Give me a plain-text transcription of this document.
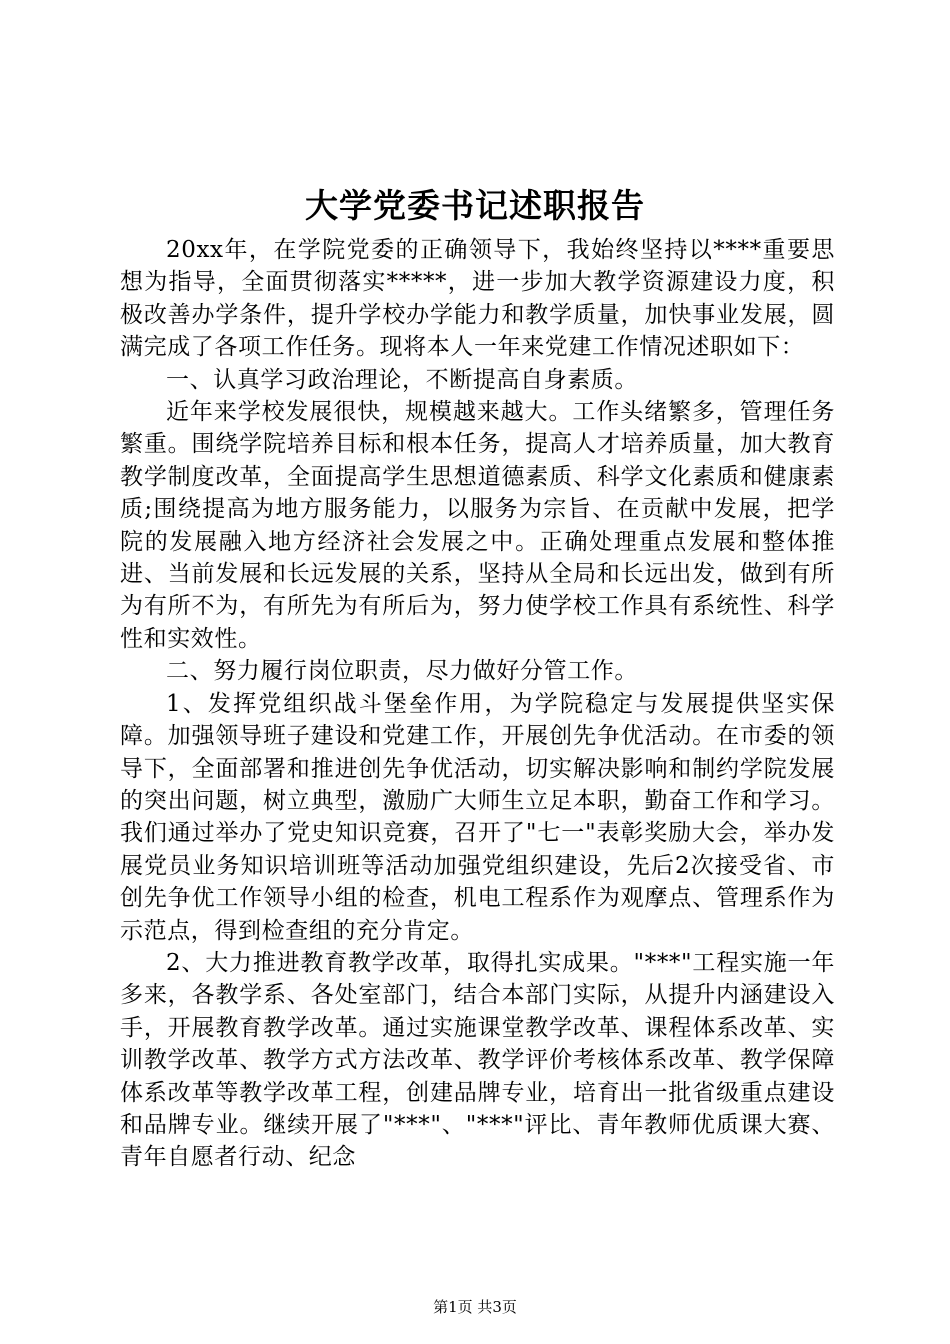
大学党委书记述职报告

20xx年，在学院党委的正确领导下，我始终坚持以****重要思想为指导，全面贯彻落实*****，进一步加大教学资源建设力度，积极改善办学条件，提升学校办学能力和教学质量，加快事业发展，圆满完成了各项工作任务。现将本人一年来党建工作情况述职如下：

一、认真学习政治理论，不断提高自身素质。

近年来学校发展很快，规模越来越大。工作头绪繁多，管理任务繁重。围绕学院培养目标和根本任务，提高人才培养质量，加大教育教学制度改革，全面提高学生思想道德素质、科学文化素质和健康素质;围绕提高为地方服务能力，以服务为宗旨、在贡献中发展，把学院的发展融入地方经济社会发展之中。正确处理重点发展和整体推进、当前发展和长远发展的关系，坚持从全局和长远出发，做到有所为有所不为，有所先为有所后为，努力使学校工作具有系统性、科学性和实效性。

二、努力履行岗位职责，尽力做好分管工作。

1、发挥党组织战斗堡垒作用，为学院稳定与发展提供坚实保障。加强领导班子建设和党建工作，开展创先争优活动。在市委的领导下，全面部署和推进创先争优活动，切实解决影响和制约学院发展的突出问题，树立典型，激励广大师生立足本职，勤奋工作和学习。我们通过举办了党史知识竞赛，召开了"七一"表彰奖励大会，举办发展党员业务知识培训班等活动加强党组织建设，先后2次接受省、市创先争优工作领导小组的检查，机电工程系作为观摩点、管理系作为示范点，得到检查组的充分肯定。

2、大力推进教育教学改革，取得扎实成果。"***"工程实施一年多来，各教学系、各处室部门，结合本部门实际，从提升内涵建设入手，开展教育教学改革。通过实施课堂教学改革、课程体系改革、实训教学改革、教学方式方法改革、教学评价考核体系改革、教学保障体系改革等教学改革工程，创建品牌专业，培育出一批省级重点建设和品牌专业。继续开展了"***"、"***"评比、青年教师优质课大赛、青年自愿者行动、纪念

第1页 共3页
